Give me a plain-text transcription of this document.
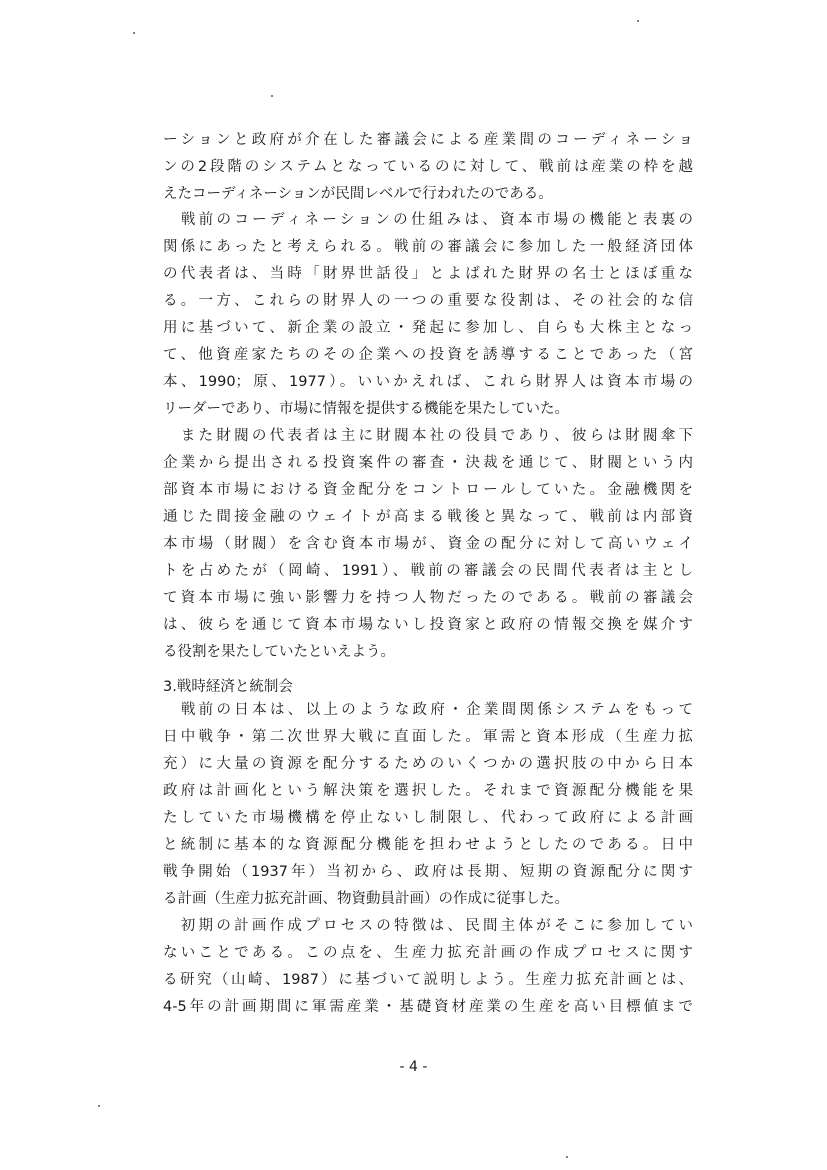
ーションと政府が介在した審議会による産業間のコーディネーショ
ンの2段階のシステムとなっているのに対して、戦前は産業の枠を越
えたコーディネーションが民間レベルで行われたのである。
　戦前のコーディネーションの仕組みは、資本市場の機能と表裏の
関係にあったと考えられる。戦前の審議会に参加した一般経済団体
の代表者は、当時「財界世話役」とよばれた財界の名士とほぼ重な
る。一方、これらの財界人の一つの重要な役割は、その社会的な信
用に基づいて、新企業の設立・発起に参加し、自らも大株主となっ
て、他資産家たちのその企業への投資を誘導することであった（宮
本、1990；原、1977）。いいかえれば、これら財界人は資本市場の
リーダーであり、市場に情報を提供する機能を果たしていた。
　また財閥の代表者は主に財閥本社の役員であり、彼らは財閥傘下
企業から提出される投資案件の審査・決裁を通じて、財閥という内
部資本市場における資金配分をコントロールしていた。金融機関を
通じた間接金融のウェイトが高まる戦後と異なって、戦前は内部資
本市場（財閥）を含む資本市場が、資金の配分に対して高いウェイ
トを占めたが（岡崎、1991）、戦前の審議会の民間代表者は主とし
て資本市場に強い影響力を持つ人物だったのである。戦前の審議会
は、彼らを通じて資本市場ないし投資家と政府の情報交換を媒介す
る役割を果たしていたといえよう。
3.戦時経済と統制会
　戦前の日本は、以上のような政府・企業間関係システムをもって
日中戦争・第二次世界大戦に直面した。軍需と資本形成（生産力拡
充）に大量の資源を配分するためのいくつかの選択肢の中から日本
政府は計画化という解決策を選択した。それまで資源配分機能を果
たしていた市場機構を停止ないし制限し、代わって政府による計画
と統制に基本的な資源配分機能を担わせようとしたのである。日中
戦争開始（1937年）当初から、政府は長期、短期の資源配分に関す
る計画（生産力拡充計画、物資動員計画）の作成に従事した。
　初期の計画作成プロセスの特徴は、民間主体がそこに参加してい
ないことである。この点を、生産力拡充計画の作成プロセスに関す
る研究（山崎、1987）に基づいて説明しよう。生産力拡充計画とは、
4-5年の計画期間に軍需産業・基礎資材産業の生産を高い目標値まで
- 4 -
